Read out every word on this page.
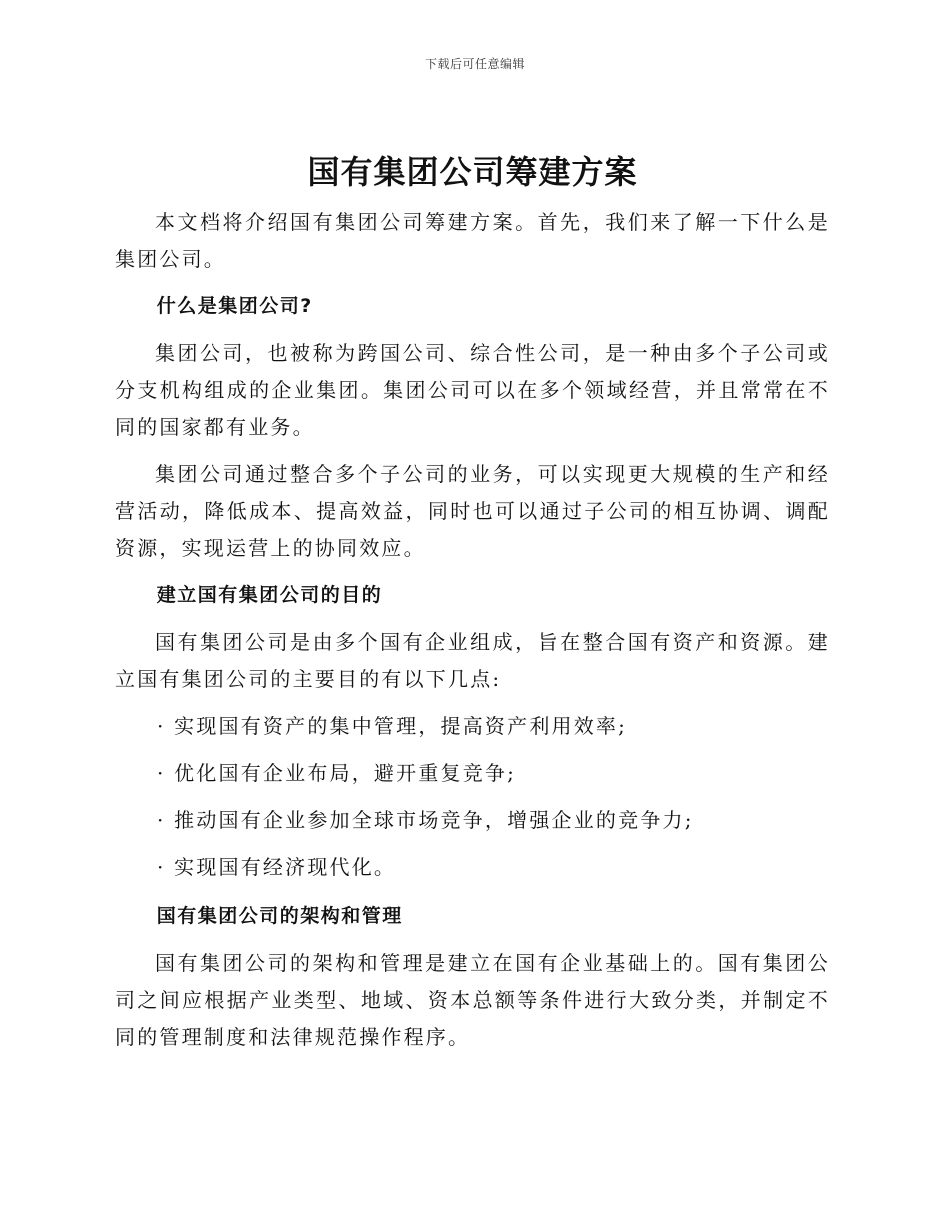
下载后可任意编辑
国有集团公司筹建方案

本文档将介绍国有集团公司筹建方案。首先，我们来了解一下什么是集团公司。

什么是集团公司?

集团公司，也被称为跨国公司、综合性公司，是一种由多个子公司或分支机构组成的企业集团。集团公司可以在多个领域经营，并且常常在不同的国家都有业务。

集团公司通过整合多个子公司的业务，可以实现更大规模的生产和经营活动，降低成本、提高效益，同时也可以通过子公司的相互协调、调配资源，实现运营上的协同效应。

建立国有集团公司的目的

国有集团公司是由多个国有企业组成，旨在整合国有资产和资源。建立国有集团公司的主要目的有以下几点:

· 实现国有资产的集中管理，提高资产利用效率;
· 优化国有企业布局，避开重复竞争;
· 推动国有企业参加全球市场竞争，增强企业的竞争力;
· 实现国有经济现代化。
国有集团公司的架构和管理

国有集团公司的架构和管理是建立在国有企业基础上的。国有集团公司之间应根据产业类型、地域、资本总额等条件进行大致分类，并制定不同的管理制度和法律规范操作程序。
